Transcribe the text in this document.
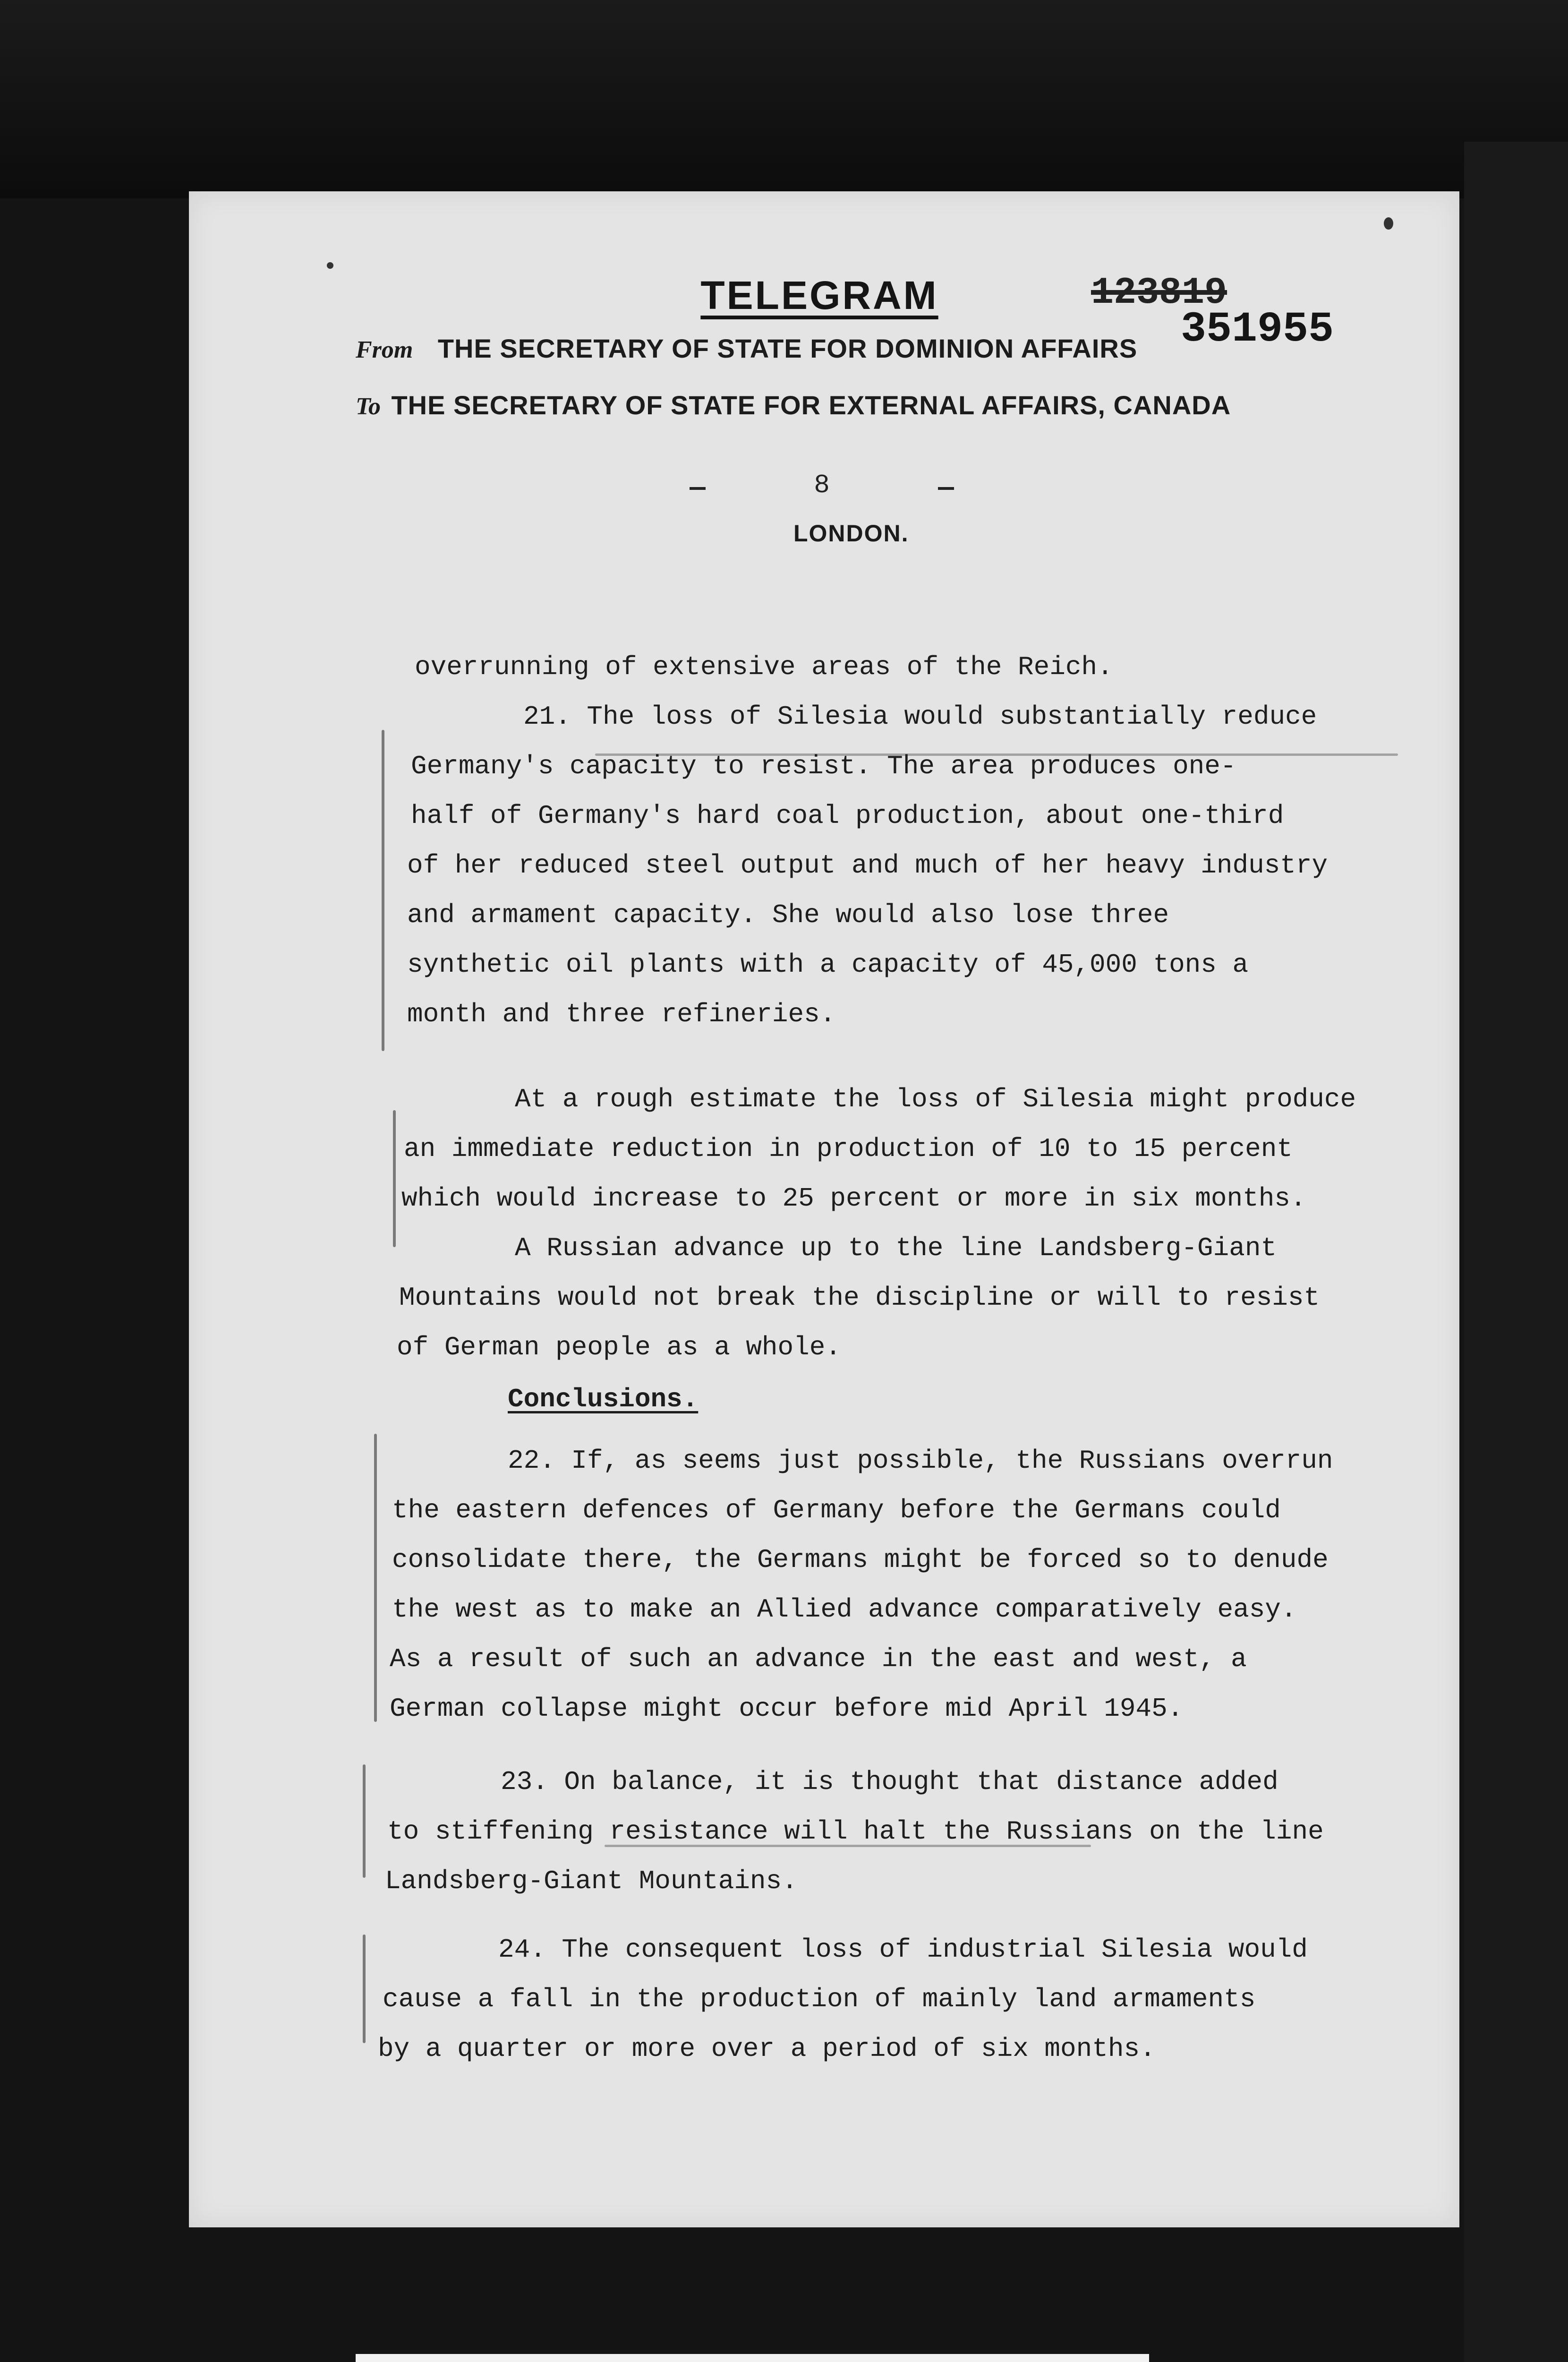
TELEGRAM	123819
351955
From THE SECRETARY OF STATE FOR DOMINION AFFAIRS
To THE SECRETARY OF STATE FOR EXTERNAL AFFAIRS, CANADA
8
LONDON.
overrunning of extensive areas of the Reich.
21. The loss of Silesia would substantially reduce
Germany's capacity to resist. The area produces one-
half of Germany's hard coal production, about one-third
of her reduced steel output and much of her heavy industry
and armament capacity. She would also lose three
synthetic oil plants with a capacity of 45,000 tons a
month and three refineries.
At a rough estimate the loss of Silesia might produce
an immediate reduction in production of 10 to 15 percent
which would increase to 25 percent or more in six months.
A Russian advance up to the line Landsberg-Giant
Mountains would not break the discipline or will to resist
of German people as a whole.
Conclusions.
22. If, as seems just possible, the Russians overrun
the eastern defences of Germany before the Germans could
consolidate there, the Germans might be forced so to denude
the west as to make an Allied advance comparatively easy.
As a result of such an advance in the east and west, a
German collapse might occur before mid April 1945.
23. On balance, it is thought that distance added
to stiffening resistance will halt the Russians on the line
Landsberg-Giant Mountains.
24. The consequent loss of industrial Silesia would
cause a fall in the production of mainly land armaments
by a quarter or more over a period of six months.
